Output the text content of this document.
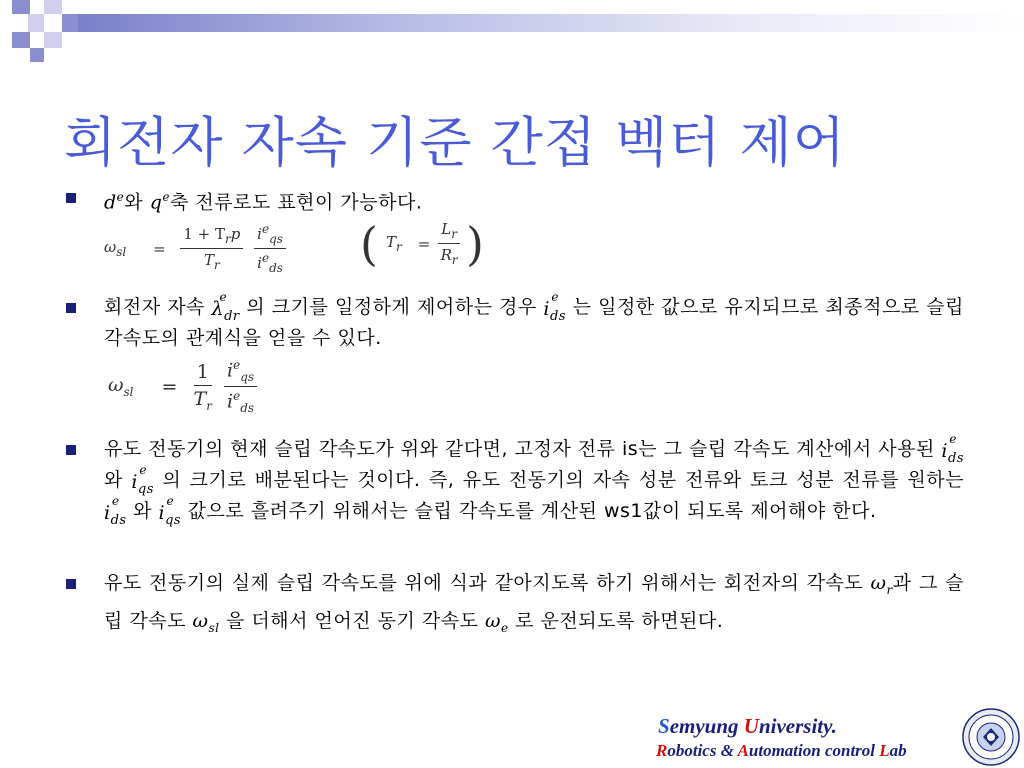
회전자 자속 기준 간접 벡터 제어
$d^e$와 $q^e$축 전류로도 표현이 가능하다.
$\omega_{sl} = \frac{1 + T_rp}{T_r}$
$\frac{i^e_{qs}}{i^e_{ds}}$ ( $T_r = \frac{L_r}{R_r}$ )
회전자 자속 λ
e
$_{dr}$ 의 크기를 일정하게 제어하는 경우 i
e
$_{ds}$ 는 일정한 값으로 유지되므로 최종적으로 슬립 각속도의 관계식을 얻을 수 있다.
$\omega_{sl} = \frac{1}{T_r}$
$\frac{i^e_{qs}}{i^e_{ds}}$
유도 전동기의 현재 슬립 각속도가 위와 같다면, 고정자 전류 is는 그 슬립 각속도 계산에서 사용된 i
e
$_{ds}$ 와 i
e
$_{qs}$ 의 크기로 배분된다는 것이다. 즉, 유도 전동기의 자속 성분 전류와 토크 성분 전류를 원하는 i
e
$_{ds}$ 와 i
e
$_{qs}$ 값으로 흘려주기 위해서는 슬립 각속도를 계산된 ws1값이 되도록 제어해야 한다.
유도 전동기의 실제 슬립 각속도를 위에 식과 같아지도록 하기 위해서는 회전자의 각속도 $\omega_r$과 그 슬립 각속도 $\omega_{sl}$ 을 더해서 얻어진 동기 각속도 $\omega_e$ 로 운전되도록 하면된다.
Semyung University.
Robotics & Automation control Lab
